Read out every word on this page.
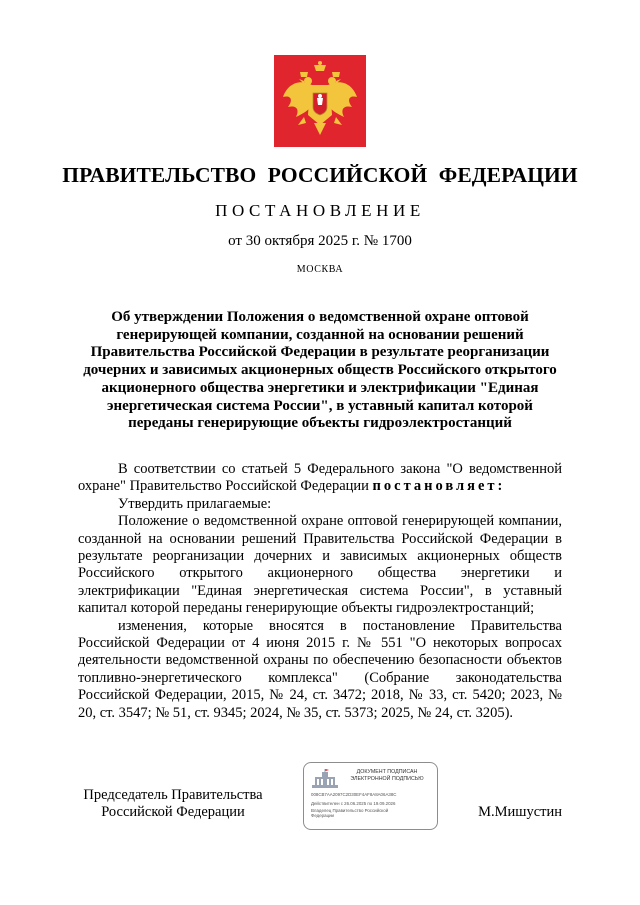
ПРАВИТЕЛЬСТВО РОССИЙСКОЙ ФЕДЕРАЦИИ
ПОСТАНОВЛЕНИЕ
от 30 октября 2025 г. № 1700
МОСКВА
Об утверждении Положения о ведомственной охране оптовой генерирующей компании, созданной на основании решений Правительства Российской Федерации в результате реорганизации дочерних и зависимых акционерных обществ Российского открытого акционерного общества энергетики и электрификации "Единая энергетическая система России", в уставный капитал которой переданы генерирующие объекты гидроэлектростанций

В соответствии со статьей 5 Федерального закона "О ведомственной охране" Правительство Российской Федерации постановляет:

Утвердить прилагаемые:

Положение о ведомственной охране оптовой генерирующей компании, созданной на основании решений Правительства Российской Федерации в результате реорганизации дочерних и зависимых акционерных обществ Российского открытого акционерного общества энергетики и электрификации "Единая энергетическая система России", в уставный капитал которой переданы генерирующие объекты гидроэлектростанций;

изменения, которые вносятся в постановление Правительства Российской Федерации от 4 июня 2015 г. № 551 "О некоторых вопросах деятельности ведомственной охраны по обеспечению безопасности объектов топливно-энергетического комплекса" (Собрание законодательства Российской Федерации, 2015, № 24, ст. 3472; 2018, № 33, ст. 5420; 2023, № 20, ст. 3547; № 51, ст. 9345; 2024, № 35, ст. 5373; 2025, № 24, ст. 3205).

Председатель Правительства
Российской Федерации
ДОКУМЕНТ ПОДПИСАН
ЭЛЕКТРОННОЙ ПОДПИСЬЮ
008CB7AA2097C2D30EF4AF8A8A06A38C
Действителен с 26.06.2025 по 19.09.2026
Владелец Правительство Российской
Федерации	М.Мишустин
